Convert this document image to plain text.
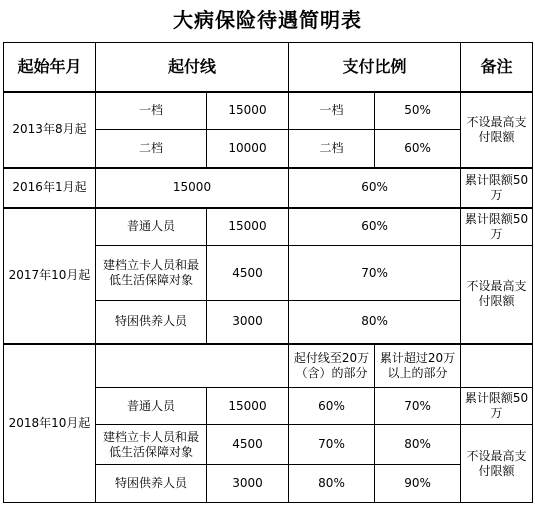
大病保险待遇简明表
起始年月	起付线		支付比例		备注
2013年8月起	一档	15000	一档	50%	不设最高支付限额
	二档	10000	二档	60%	
2016年1月起	15000		60%		累计限额50万
2017年10月起	普通人员	15000	60%		累计限额50万
	建档立卡人员和最低生活保障对象	4500	70%		不设最高支付限额
	特困供养人员	3000	80%		
2018年10月起			起付线至20万（含）的部分	累计超过20万以上的部分	
	普通人员	15000	60%	70%	累计限额50万
	建档立卡人员和最低生活保障对象	4500	70%	80%	不设最高支付限额
	特困供养人员	3000	80%	90%	
